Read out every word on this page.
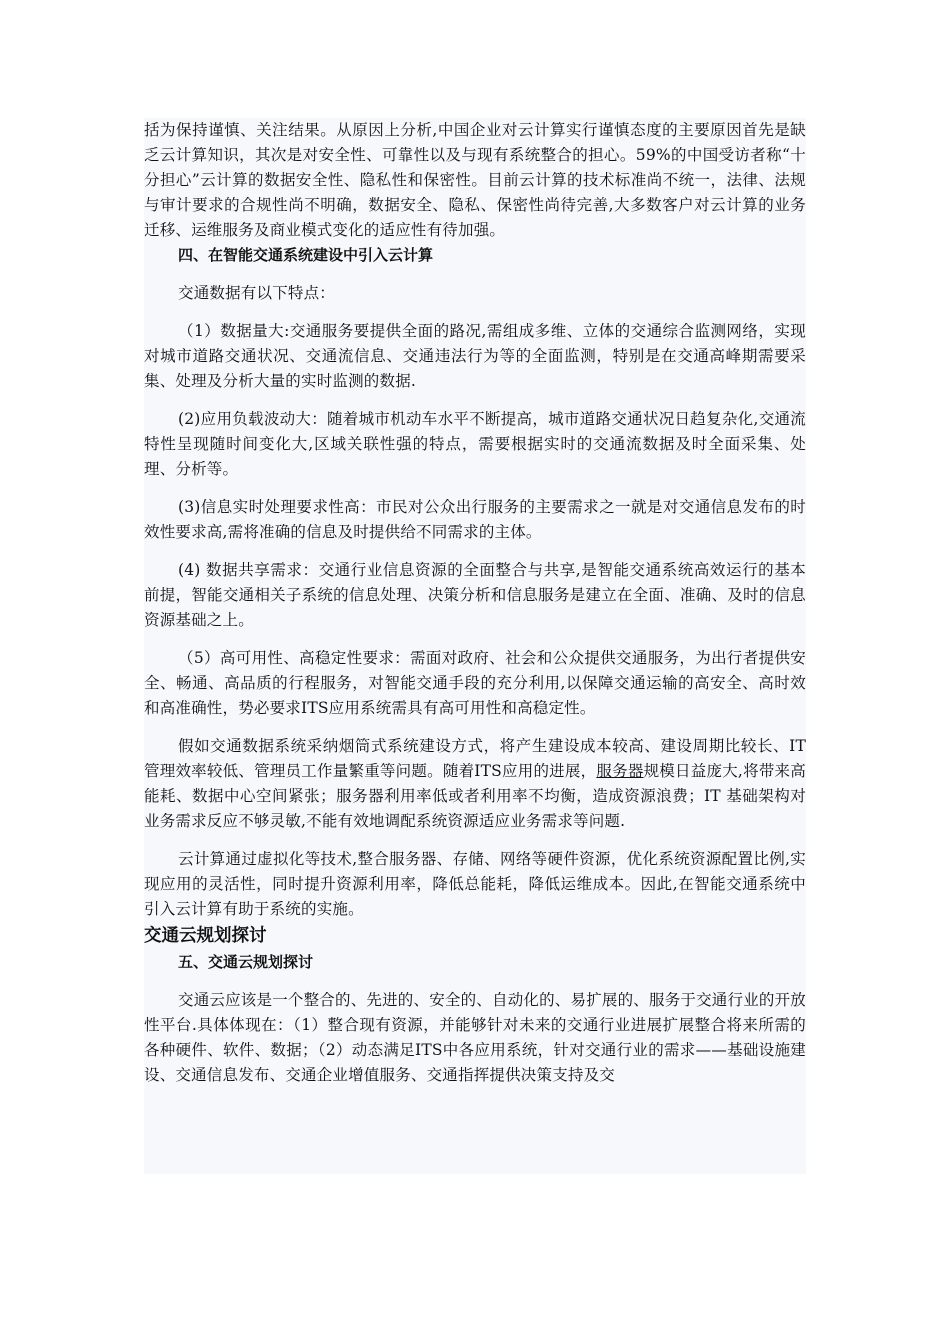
括为保持谨慎、关注结果。从原因上分析,中国企业对云计算实行谨慎态度的主要原因首先是缺乏云计算知识，其次是对安全性、可靠性以及与现有系统整合的担心。59%的中国受访者称“十分担心”云计算的数据安全性、隐私性和保密性。目前云计算的技术标准尚不统一，法律、法规与审计要求的合规性尚不明确，数据安全、隐私、保密性尚待完善,大多数客户对云计算的业务迁移、运维服务及商业模式变化的适应性有待加强。

四、在智能交通系统建设中引入云计算

交通数据有以下特点：

（1）数据量大:交通服务要提供全面的路况,需组成多维、立体的交通综合监测网络，实现对城市道路交通状况、交通流信息、交通违法行为等的全面监测，特别是在交通高峰期需要采集、处理及分析大量的实时监测的数据.

(2)应用负载波动大：随着城市机动车水平不断提高，城市道路交通状况日趋复杂化,交通流特性呈现随时间变化大,区域关联性强的特点，需要根据实时的交通流数据及时全面采集、处理、分析等。

(3)信息实时处理要求性高：市民对公众出行服务的主要需求之一就是对交通信息发布的时效性要求高,需将准确的信息及时提供给不同需求的主体。

(4) 数据共享需求：交通行业信息资源的全面整合与共享,是智能交通系统高效运行的基本前提，智能交通相关子系统的信息处理、决策分析和信息服务是建立在全面、准确、及时的信息资源基础之上。

（5）高可用性、高稳定性要求：需面对政府、社会和公众提供交通服务，为出行者提供安全、畅通、高品质的行程服务，对智能交通手段的充分利用,以保障交通运输的高安全、高时效和高准确性，势必要求ITS应用系统需具有高可用性和高稳定性。

假如交通数据系统采纳烟筒式系统建设方式，将产生建设成本较高、建设周期比较长、IT管理效率较低、管理员工作量繁重等问题。随着ITS应用的进展，服务器规模日益庞大,将带来高能耗、数据中心空间紧张；服务器利用率低或者利用率不均衡，造成资源浪费；IT 基础架构对业务需求反应不够灵敏,不能有效地调配系统资源适应业务需求等问题.

云计算通过虚拟化等技术,整合服务器、存储、网络等硬件资源，优化系统资源配置比例,实现应用的灵活性，同时提升资源利用率，降低总能耗，降低运维成本。因此,在智能交通系统中引入云计算有助于系统的实施。

交通云规划探讨

五、交通云规划探讨

交通云应该是一个整合的、先进的、安全的、自动化的、易扩展的、服务于交通行业的开放性平台.具体体现在：（1）整合现有资源，并能够针对未来的交通行业进展扩展整合将来所需的各种硬件、软件、数据；（2）动态满足ITS中各应用系统，针对交通行业的需求——基础设施建设、交通信息发布、交通企业增值服务、交通指挥提供决策支持及交
